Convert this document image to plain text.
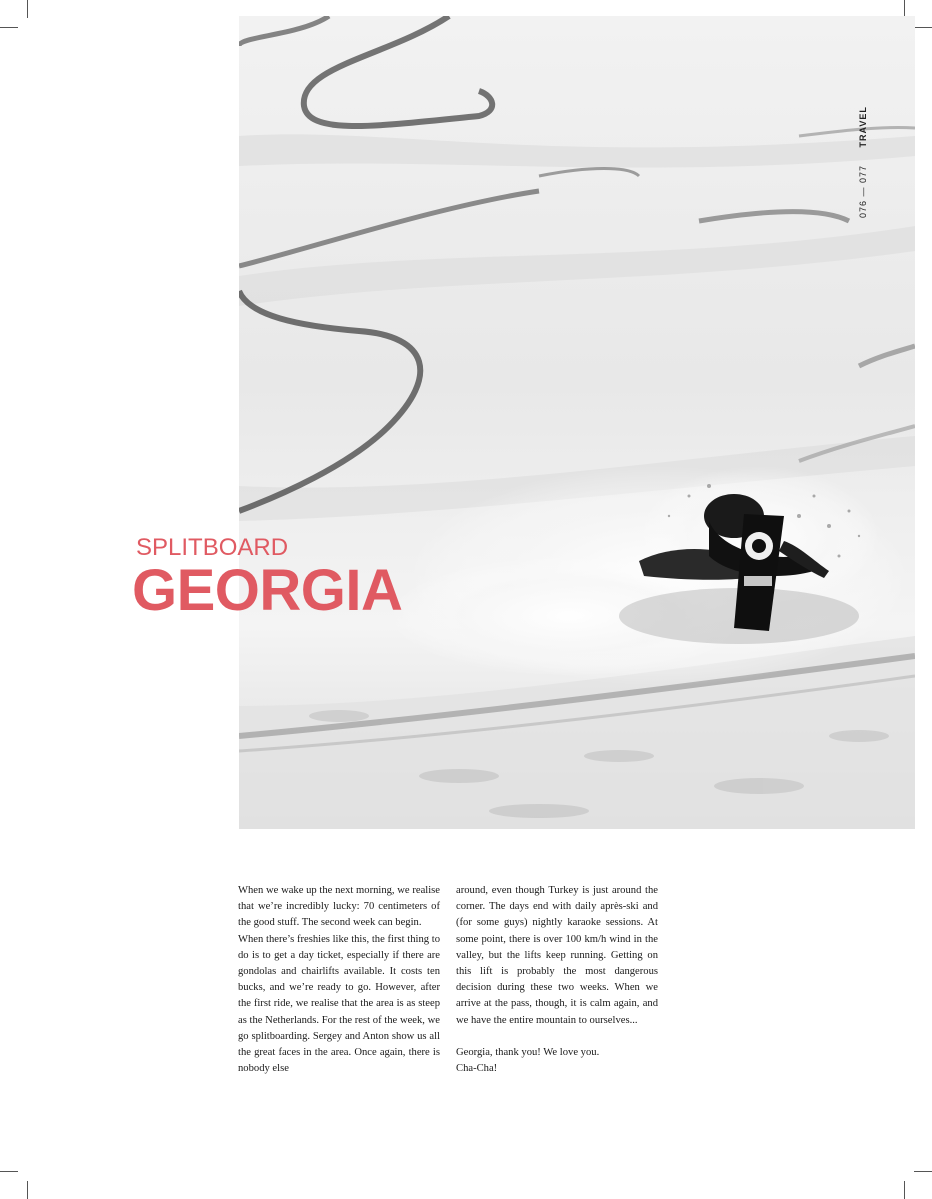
076 — 077 TRAVEL
SPLITBOARD
GEORGIA

When we wake up the next morning, we realise that we’re incredibly lucky: 70 centimeters of the good stuff. The second week can begin.

When there’s freshies like this, the first thing to do is to get a day ticket, especially if there are gondolas and chairlifts available. It costs ten bucks, and we’re ready to go. However, after the first ride, we realise that the area is as steep as the Netherlands. For the rest of the week, we go splitboarding. Sergey and Anton show us all the great faces in the area. Once again, there is nobody else

around, even though Turkey is just around the corner. The days end with daily après-ski and (for some guys) nightly karaoke sessions. At some point, there is over 100 km/h wind in the valley, but the lifts keep running. Getting on this lift is probably the most dangerous decision during these two weeks. When we arrive at the pass, though, it is calm again, and we have the entire mountain to ourselves...

Georgia, thank you! We love you.

Cha-Cha!
